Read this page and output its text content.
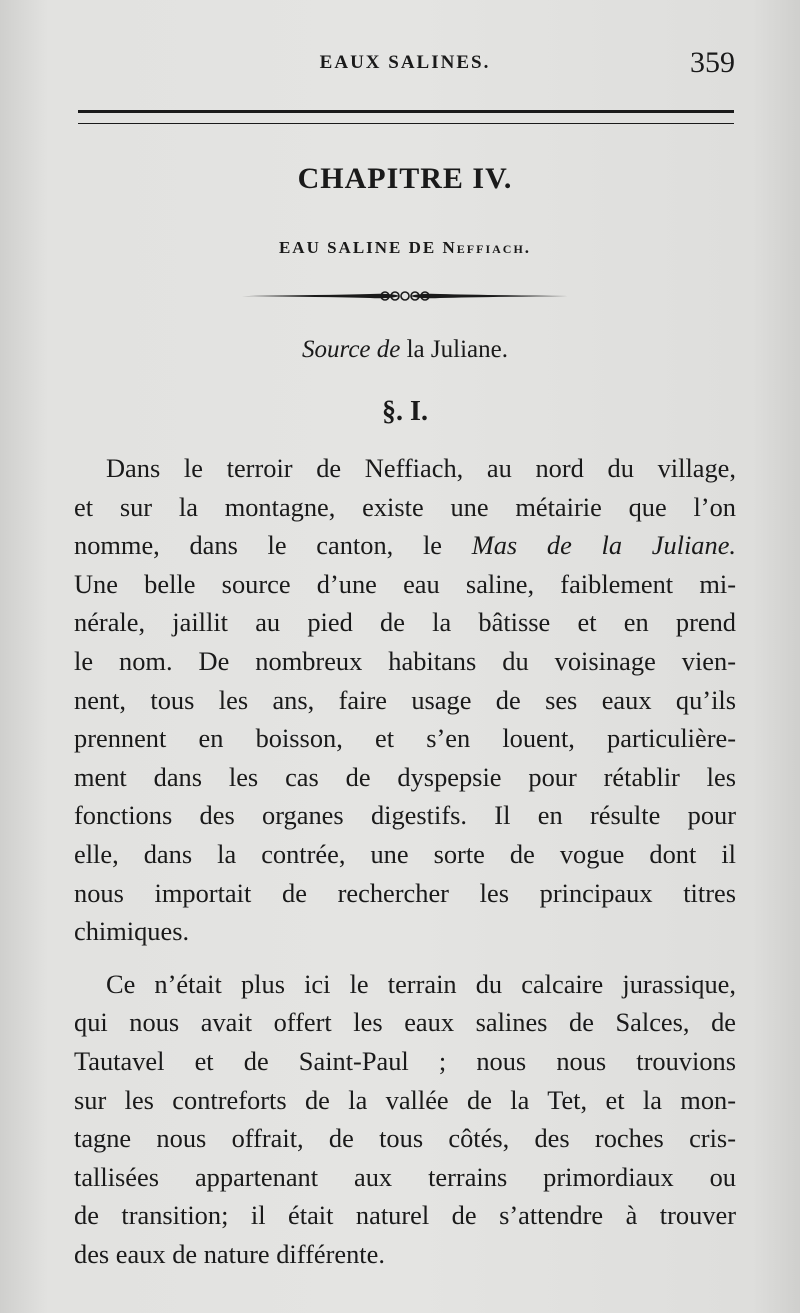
EAUX SALINES.	359
CHAPITRE IV.
EAU SALINE DE Neffiach.
Source de la Juliane.
§. I.
Dans le terroir de Neffiach, au nord du village,
et sur la montagne, existe une métairie que l’on
nomme, dans le canton, le Mas de la Juliane.
Une belle source d’une eau saline, faiblement mi-
nérale, jaillit au pied de la bâtisse et en prend
le nom. De nombreux habitans du voisinage vien-
nent, tous les ans, faire usage de ses eaux qu’ils
prennent en boisson, et s’en louent, particulière-
ment dans les cas de dyspepsie pour rétablir les
fonctions des organes digestifs. Il en résulte pour
elle, dans la contrée, une sorte de vogue dont il
nous importait de rechercher les principaux titres
chimiques.
Ce n’était plus ici le terrain du calcaire jurassique,
qui nous avait offert les eaux salines de Salces, de
Tautavel et de Saint-Paul ; nous nous trouvions
sur les contreforts de la vallée de la Tet, et la mon-
tagne nous offrait, de tous côtés, des roches cris-
tallisées appartenant aux terrains primordiaux ou
de transition; il était naturel de s’attendre à trouver
des eaux de nature différente.
